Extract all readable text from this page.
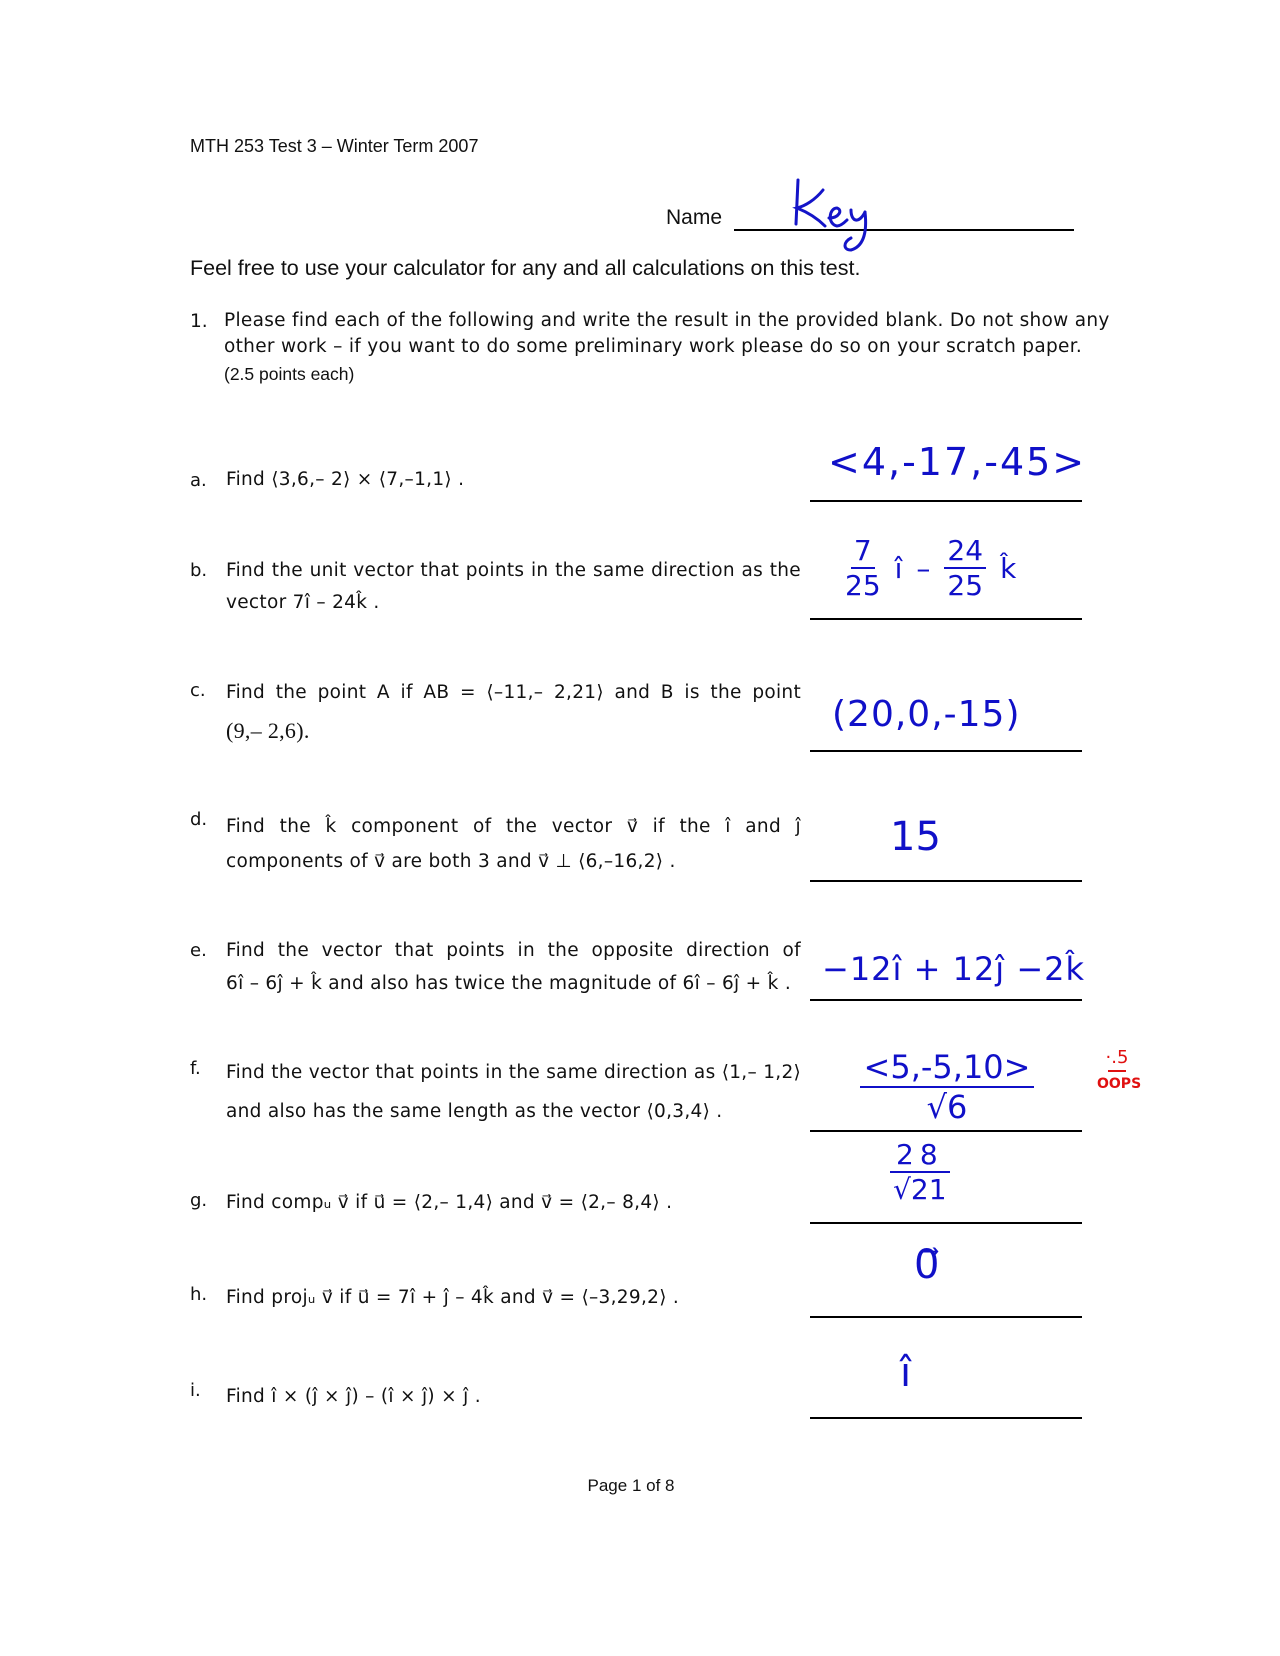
MTH 253 Test 3 – Winter Term 2007
Name
Key
Feel free to use your calculator for any and all calculations on this test.
1. Please find each of the following and write the result in the provided blank. Do not show any
other work – if you want to do some preliminary work please do so on your scratch paper.
(2.5 points each)
a. Find ⟨3,6,– 2⟩ × ⟨7,–1,1⟩ .	<4,-17,-45>
b. Find the unit vector that points in the same direction as the
vector 7î – 24k̂ .
$\frac{7}{25}$ î – $\frac{24}{25}$ k̂
c. Find the point A if AB = ⟨–11,– 2,21⟩ and B is the point
(9,– 2,6).	(20,0,-15)
d. Find the k̂ component of the vector v⃗ if the î and ĵ
components of v⃗ are both 3 and v⃗ ⊥ ⟨6,–16,2⟩ .
15
e. Find the vector that points in the opposite direction of
6î – 6ĵ + k̂ and also has twice the magnitude of 6î – 6ĵ + k̂ . −12î + 12ĵ −2k̂
f. Find the vector that points in the same direction as ⟨1,– 1,2⟩
and also has the same length as the vector ⟨0,3,4⟩ .	$\frac{<5,-5,10>}{√6}$	·.5
OOPS
g. Find compᵤ v⃗ if u⃗ = ⟨2,– 1,4⟩ and v⃗ = ⟨2,– 8,4⟩ .	$\frac{28}{√21}$
h. Find projᵤ v⃗ if u⃗ = 7î + ĵ – 4k̂ and v⃗ = ⟨–3,29,2⟩ .
0⃗
i. Find î × (ĵ × ĵ) – (î × ĵ) × ĵ .
î
Page 1 of 8
